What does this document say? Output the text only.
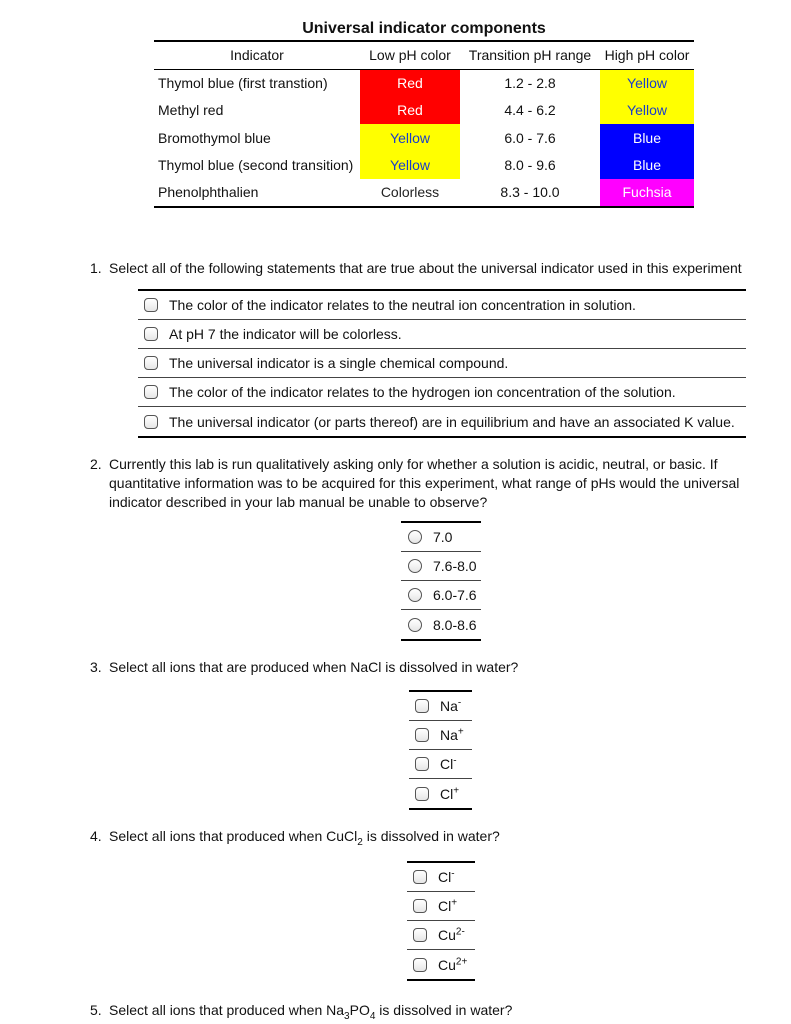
Universal indicator components
Indicator	Low pH color	Transition pH range	High pH color
Thymol blue (first transtion)	Red	1.2 - 2.8	Yellow
Methyl red	Red	4.4 - 6.2	Yellow
Bromothymol blue	Yellow	6.0 - 7.6	Blue
Thymol blue (second transition)	Yellow	8.0 - 9.6	Blue
Phenolphthalien	Colorless	8.3 - 10.0	Fuchsia
1. Select all of the following statements that are true about the universal indicator used in this experiment
The color of the indicator relates to the neutral ion concentration in solution.
At pH 7 the indicator will be colorless.
The universal indicator is a single chemical compound.
The color of the indicator relates to the hydrogen ion concentration of the solution.
The universal indicator (or parts thereof) are in equilibrium and have an associated K value.
2. Currently this lab is run qualitatively asking only for whether a solution is acidic, neutral, or basic. If quantitative information was to be acquired for this experiment, what range of pHs would the universal indicator described in your lab manual be unable to observe?
7.0
7.6-8.0
6.0-7.6
8.0-8.6
3. Select all ions that are produced when NaCl is dissolved in water?
Na-
Na+
Cl-
Cl+
4. Select all ions that produced when CuCl$_2$ is dissolved in water?
Cl-
Cl+
$Cu^{2-}$
$Cu^{2+}$
5. Select all ions that produced when $Na_3PO_4$ is dissolved in water?
